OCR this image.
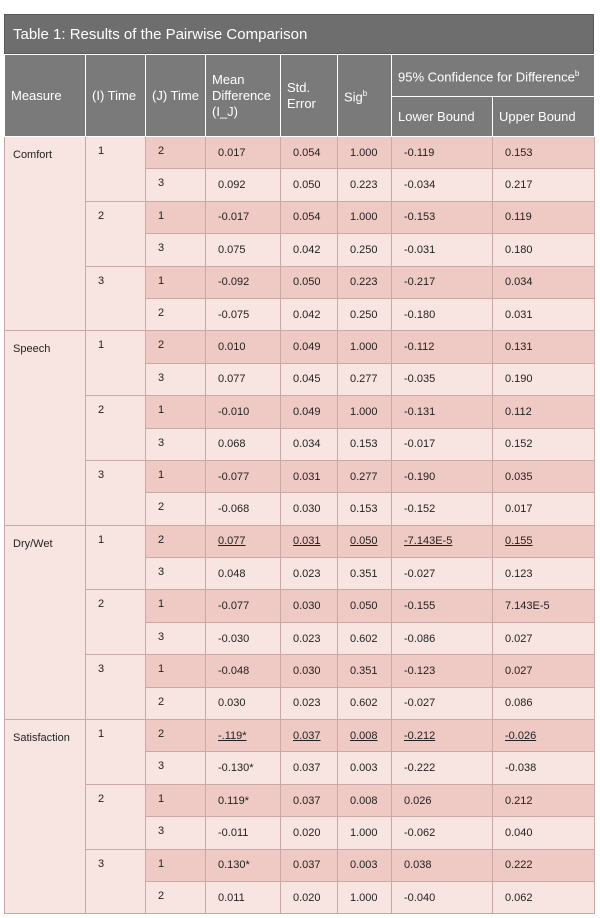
Table 1: Results of the Pairwise Comparison
Measure	(I) Time	(J) Time	Mean Difference (I_J)	Std. Error	Sig$^b$	95% Confidence for Difference$^b$
						Lower Bound	Upper Bound
Comfort	1	2	0.017	0.054	1.000	-0.119	0.153
		3	0.092	0.050	0.223	-0.034	0.217
	2	1	-0.017	0.054	1.000	-0.153	0.119
		3	0.075	0.042	0.250	-0.031	0.180
	3	1	-0.092	0.050	0.223	-0.217	0.034
		2	-0.075	0.042	0.250	-0.180	0.031
Speech	1	2	0.010	0.049	1.000	-0.112	0.131
		3	0.077	0.045	0.277	-0.035	0.190
	2	1	-0.010	0.049	1.000	-0.131	0.112
		3	0.068	0.034	0.153	-0.017	0.152
	3	1	-0.077	0.031	0.277	-0.190	0.035
		2	-0.068	0.030	0.153	-0.152	0.017
Dry/Wet	1	2	0.077	0.031	0.050	-7.143E-5	0.155
		3	0.048	0.023	0.351	-0.027	0.123
	2	1	-0.077	0.030	0.050	-0.155	7.143E-5
		3	-0.030	0.023	0.602	-0.086	0.027
	3	1	-0.048	0.030	0.351	-0.123	0.027
		2	0.030	0.023	0.602	-0.027	0.086
Satisfaction	1	2	-.119*	0.037	0.008	-0.212	-0.026
		3	-0.130*	0.037	0.003	-0.222	-0.038
	2	1	0.119*	0.037	0.008	0.026	0.212
		3	-0.011	0.020	1.000	-0.062	0.040
	3	1	0.130*	0.037	0.003	0.038	0.222
		2	0.011	0.020	1.000	-0.040	0.062
